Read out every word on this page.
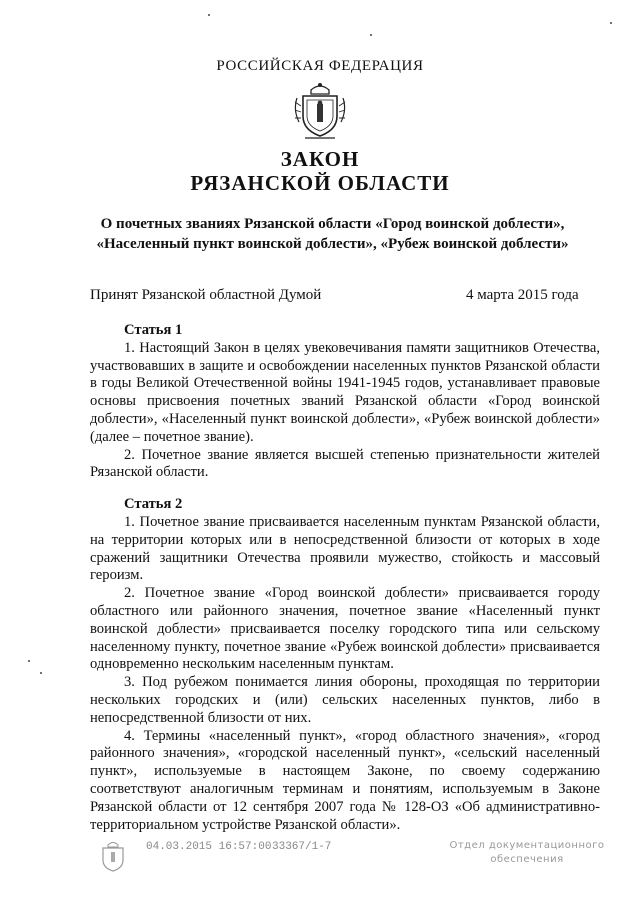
РОССИЙСКАЯ ФЕДЕРАЦИЯ
ЗАКОН
РЯЗАНСКОЙ ОБЛАСТИ
О почетных званиях Рязанской области «Город воинской доблести»,
«Населенный пункт воинской доблести», «Рубеж воинской доблести»
Принят Рязанской областной Думой	4 марта 2015 года
Статья 1

1. Настоящий Закон в целях увековечивания памяти защитников Отечества, участвовавших в защите и освобождении населенных пунктов Рязанской области в годы Великой Отечественной войны 1941-1945 годов, устанавливает правовые основы присвоения почетных званий Рязанской области «Город воинской доблести», «Населенный пункт воинской доблести», «Рубеж воинской доблести» (далее – почетное звание).

2. Почетное звание является высшей степенью признательности жителей Рязанской области.

Статья 2

1. Почетное звание присваивается населенным пунктам Рязанской области, на территории которых или в непосредственной близости от которых в ходе сражений защитники Отечества проявили мужество, стойкость и массовый героизм.

2. Почетное звание «Город воинской доблести» присваивается городу областного или районного значения, почетное звание «Населенный пункт воинской доблести» присваивается поселку городского типа или сельскому населенному пункту, почетное звание «Рубеж воинской доблести» присваивается одновременно нескольким населенным пунктам.

3. Под рубежом понимается линия обороны, проходящая по территории нескольких городских и (или) сельских населенных пунктов, либо в непосредственной близости от них.

4. Термины «населенный пункт», «город областного значения», «город районного значения», «городской населенный пункт», «сельский населенный пункт», используемые в настоящем Законе, по своему содержанию соответствуют аналогичным терминам и понятиям, используемым в Законе Рязанской области от 12 сентября 2007 года № 128-ОЗ «Об административно-территориальном устройстве Рязанской области».

04.03.2015 16:57:00 33367/1-7	Отдел документационного
обеспечения
